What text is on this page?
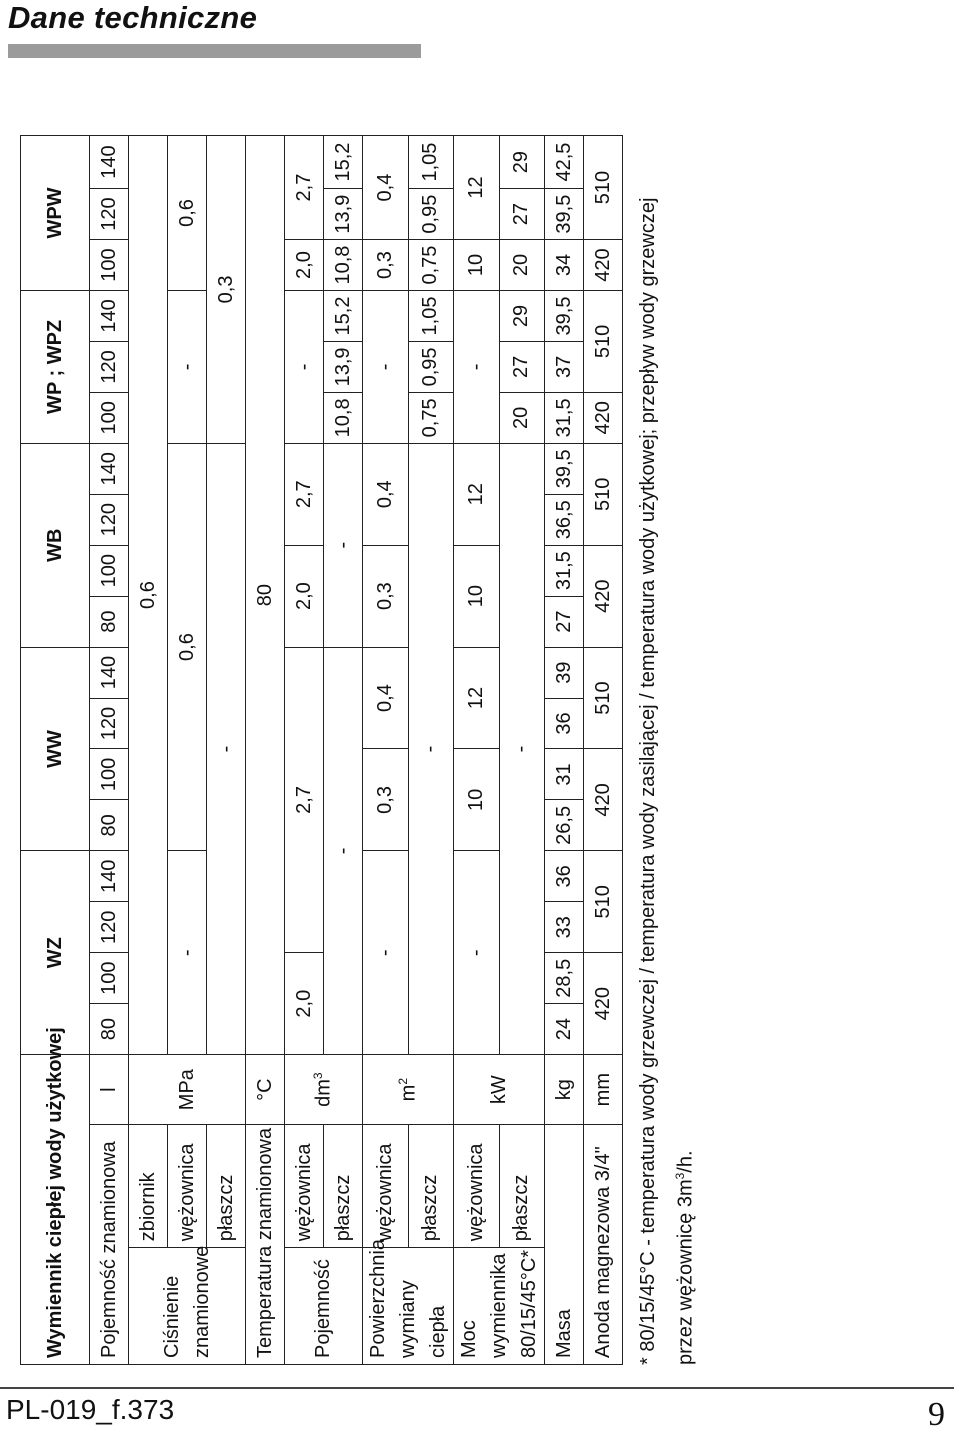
Dane techniczne
Wymiennik ciepłej wody użytkowej			WZ				WW				WB				WP ; WPZ			WPW		
Pojemność znamionowa		l	80	100	120	140	80	100	120	140	80	100	120	140	100	120	140	100	120	140
Ciśnienie znamionowe	zbiornik	MPa	0,6																	
	wężownica		-				0,6								-			0,6		
	płaszcz		-												0,3					
Temperatura znamionowa		°C	80																	
Pojemność	wężownica	$dm^3$	2,0		2,7						2,0		2,7		-			2,0	2,7	
	płaszcz		-								-				10,8	13,9	15,2	10,8	13,9	15,2
Powierzchnia wymiany ciepła	wężownica	$m^2$	-				0,3		0,4		0,3		0,4		-			0,3	0,4	
	płaszcz		-												0,75	0,95	1,05	0,75	0,95	1,05
Moc wymiennika 80/15/45°C*	wężownica	kW	-				10		12		10		12		-			10	12	
	płaszcz		-												20	27	29	20	27	29
Masa		kg	24	28,5	33	36	26,5	31	36	39	27	31,5	36,5	39,5	31,5	37	39,5	34	39,5	42,5
Anoda magnezowa 3/4"		mm	420		510		420		510		420		510		420	510		420	510	
* 80/15/45°C - temperatura wody grzewczej / temperatura wody zasilającej / temperatura wody użytkowej; przepływ wody grzewczej przez wężownicę $3m^3/h$.
PL-019_f.373	9
